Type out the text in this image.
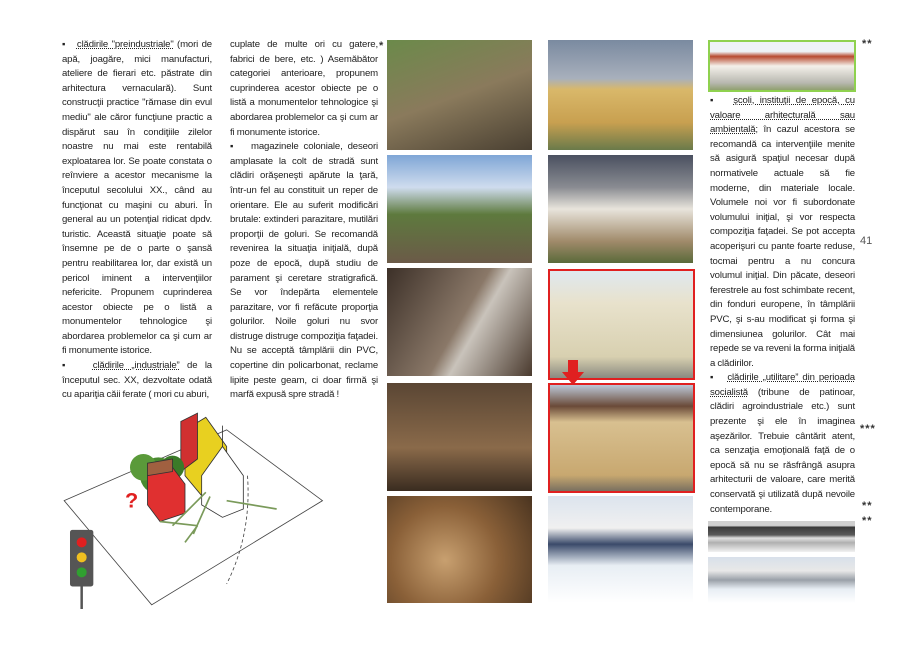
▪ clădirile "preindustriale" (mori de apă, joagăre, mici manufacturi, ateliere de fierari etc. păstrate din arhitectura vernaculară). Sunt construcţii practice "rămase din evul mediu" ale căror funcţiune practic a dispărut sau în condiţiile zilelor noastre nu mai este rentabilă exploatarea lor. Se poate constata o reînviere a acestor mecanisme la începutul secolului XX., când au funcţionat cu maşini cu aburi. În general au un potenţial ridicat dpdv. turistic. Această situaţie poate să însemne pe de o parte o şansă pentru reabilitarea lor, dar există un pericol iminent a intervenţiilor nefericite. Propunem cuprinderea acestor obiecte pe o listă a monumentelor tehnologice şi abordarea problemelor ca şi cum ar fi monumente istorice.

▪ clădirile „industriale” de la începutul sec. XX, dezvoltate odată cu apariţia căii ferate ( mori cu aburi,

cuplate de multe ori cu gatere, fabrici de bere, etc. ) Asemăbător categoriei anterioare, propunem cuprinderea acestor obiecte pe o listă a monumentelor tehnologice şi abordarea problemelor ca şi cum ar fi monumente istorice.

▪ magazinele coloniale, deseori amplasate la colt de stradă sunt clădiri orăşeneşti apărute la ţară, într-un fel au constituit un reper de orientare. Ele au suferit modificări brutale: extinderi parazitare, mutilări proporţii de goluri. Se recomandă revenirea la situaţia iniţială, după poze de epocă, după studiu de parament şi ceretare stratigrafică. Se vor îndepărta elementele parazitare, vor fi refăcute proporţia golurilor. Noile goluri nu svor distruge distruge compoziţia faţadei. Nu se acceptă tâmplării din PVC, copertine din policarbonat, reclame lipite peste geam, ci doar firmă şi marfă expusă spre stradă !

?
*

▪ şcoli, instituţii de epocă, cu valoare arhitecturală sau ambientală; în cazul acestora se recomandă ca intervenţiile menite să asigură spaţiul necesar după normativele actuale să fie moderne, din materiale locale. Volumele noi vor fi subordonate volumului iniţial, şi vor respecta compoziţia faţadei. Se pot accepta acoperişuri cu pante foarte reduse, tocmai pentru a nu concura volumul iniţial. Din păcate, deseori ferestrele au fost schimbate recent, din fonduri europene, în tâmplării PVC, şi s-au modificat şi forma şi dimensiunea golurilor. Cât mai repede se va reveni la forma iniţială a clădirilor.

▪ clădirile „utilitare” din perioada socialistă (tribune de patinoar, clădiri agroindustriale etc.) sunt prezente şi ele în imaginea aşezărilor. Trebuie cântărit atent, ca senzaţia emoţională faţă de o epocă să nu se răsfrângă asupra arhitecturii de valoare, care merită conservată şi utilizată după nevoile contemporane.

**
***
**
**
41
